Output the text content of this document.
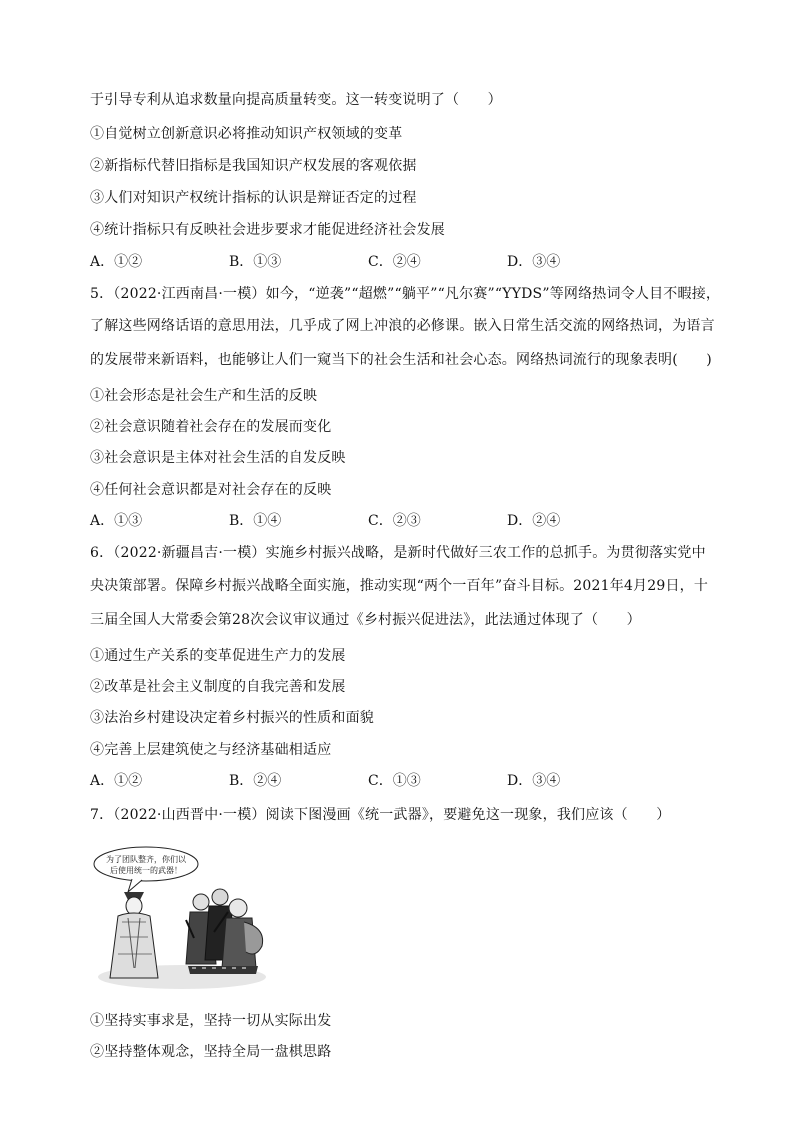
于引导专利从追求数量向提高质量转变。这一转变说明了（　　）
①自觉树立创新意识必将推动知识产权领域的变革
②新指标代替旧指标是我国知识产权发展的客观依据
③人们对知识产权统计指标的认识是辩证否定的过程
④统计指标只有反映社会进步要求才能促进经济社会发展
A．①②	B．①③	C．②④	D．③④
5．（2022·江西南昌·一模）如今，“逆袭”“超燃”“躺平”“凡尔赛”“YYDS”等网络热词令人目不暇接，
了解这些网络话语的意思用法，几乎成了网上冲浪的必修课。嵌入日常生活交流的网络热词，为语言
的发展带来新语料，也能够让人们一窥当下的社会生活和社会心态。网络热词流行的现象表明(　　)
①社会形态是社会生产和生活的反映
②社会意识随着社会存在的发展而变化
③社会意识是主体对社会生活的自发反映
④任何社会意识都是对社会存在的反映
A．①③	B．①④	C．②③	D．②④
6．（2022·新疆昌吉·一模）实施乡村振兴战略，是新时代做好三农工作的总抓手。为贯彻落实党中
央决策部署。保障乡村振兴战略全面实施，推动实现“两个一百年”奋斗目标。2021年4月29日，十
三届全国人大常委会第28次会议审议通过《乡村振兴促进法》，此法通过体现了（　　）
①通过生产关系的变革促进生产力的发展
②改革是社会主义制度的自我完善和发展
③法治乡村建设决定着乡村振兴的性质和面貌
④完善上层建筑使之与经济基础相适应
A．①②	B．②④	C．①③	D．③④
7．（2022·山西晋中·一模）阅读下图漫画《统一武器》，要避免这一现象，我们应该（　　）
为了团队整齐，你们以
后使用统一的武器！
①坚持实事求是，坚持一切从实际出发
②坚持整体观念，坚持全局一盘棋思路
